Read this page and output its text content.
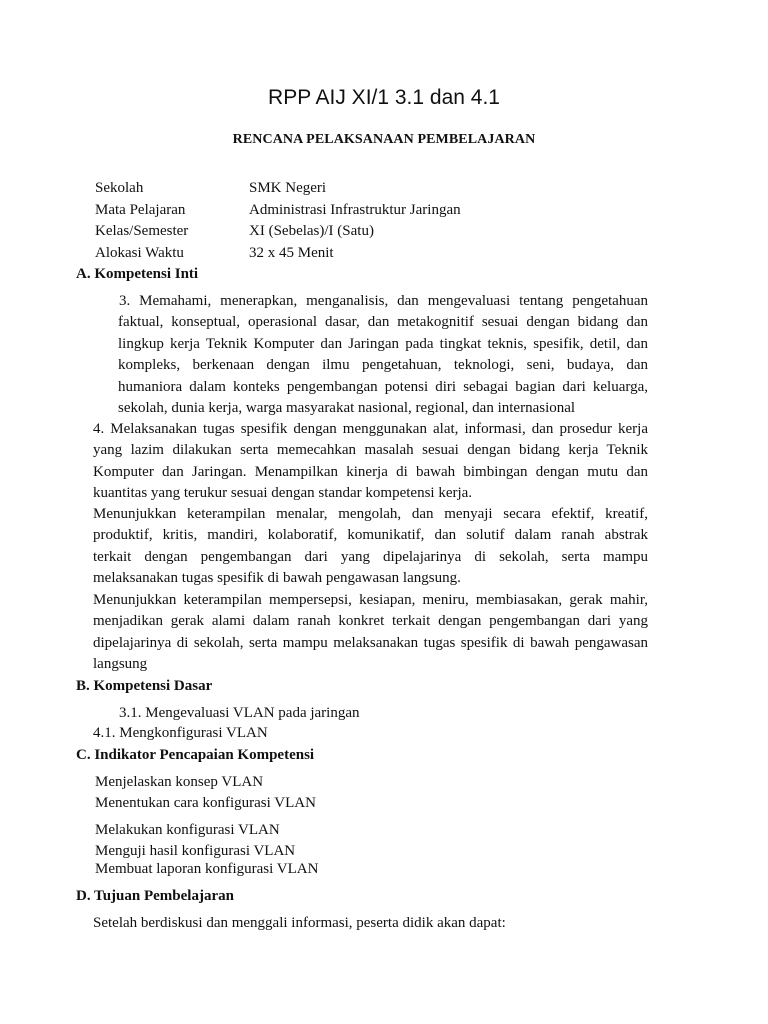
RPP AIJ XI/1 3.1 dan 4.1
RENCANA PELAKSANAAN PEMBELAJARAN
Sekolah	SMK Negeri
Mata Pelajaran	Administrasi Infrastruktur Jaringan
Kelas/Semester	XI (Sebelas)/I (Satu)
Alokasi Waktu	32 x 45 Menit
A. Kompetensi Inti
3. Memahami, menerapkan, menganalisis, dan mengevaluasi tentang pengetahuan
faktual, konseptual, operasional dasar, dan metakognitif sesuai dengan bidang dan
lingkup kerja Teknik Komputer dan Jaringan pada tingkat teknis, spesifik, detil, dan
kompleks, berkenaan dengan ilmu pengetahuan, teknologi, seni, budaya, dan
humaniora dalam konteks pengembangan potensi diri sebagai bagian dari keluarga,
sekolah, dunia kerja, warga masyarakat nasional, regional, dan internasional
4. Melaksanakan tugas spesifik dengan menggunakan alat, informasi, dan prosedur kerja
yang lazim dilakukan serta memecahkan masalah sesuai dengan bidang kerja Teknik
Komputer dan Jaringan. Menampilkan kinerja di bawah bimbingan dengan mutu dan
kuantitas yang terukur sesuai dengan standar kompetensi kerja.
Menunjukkan keterampilan menalar, mengolah, dan menyaji secara efektif, kreatif,
produktif, kritis, mandiri, kolaboratif, komunikatif, dan solutif dalam ranah abstrak
terkait dengan pengembangan dari yang dipelajarinya di sekolah, serta mampu
melaksanakan tugas spesifik di bawah pengawasan langsung.
Menunjukkan keterampilan mempersepsi, kesiapan, meniru, membiasakan, gerak mahir,
menjadikan gerak alami dalam ranah konkret terkait dengan pengembangan dari yang
dipelajarinya di sekolah, serta mampu melaksanakan tugas spesifik di bawah pengawasan
langsung
B. Kompetensi Dasar
3.1. Mengevaluasi VLAN pada jaringan
4.1. Mengkonfigurasi VLAN
C. Indikator Pencapaian Kompetensi
Menjelaskan konsep VLAN
Menentukan cara konfigurasi VLAN
Melakukan konfigurasi VLAN
Menguji hasil konfigurasi VLAN
Membuat laporan konfigurasi VLAN
D. Tujuan Pembelajaran
Setelah berdiskusi dan menggali informasi, peserta didik akan dapat:
